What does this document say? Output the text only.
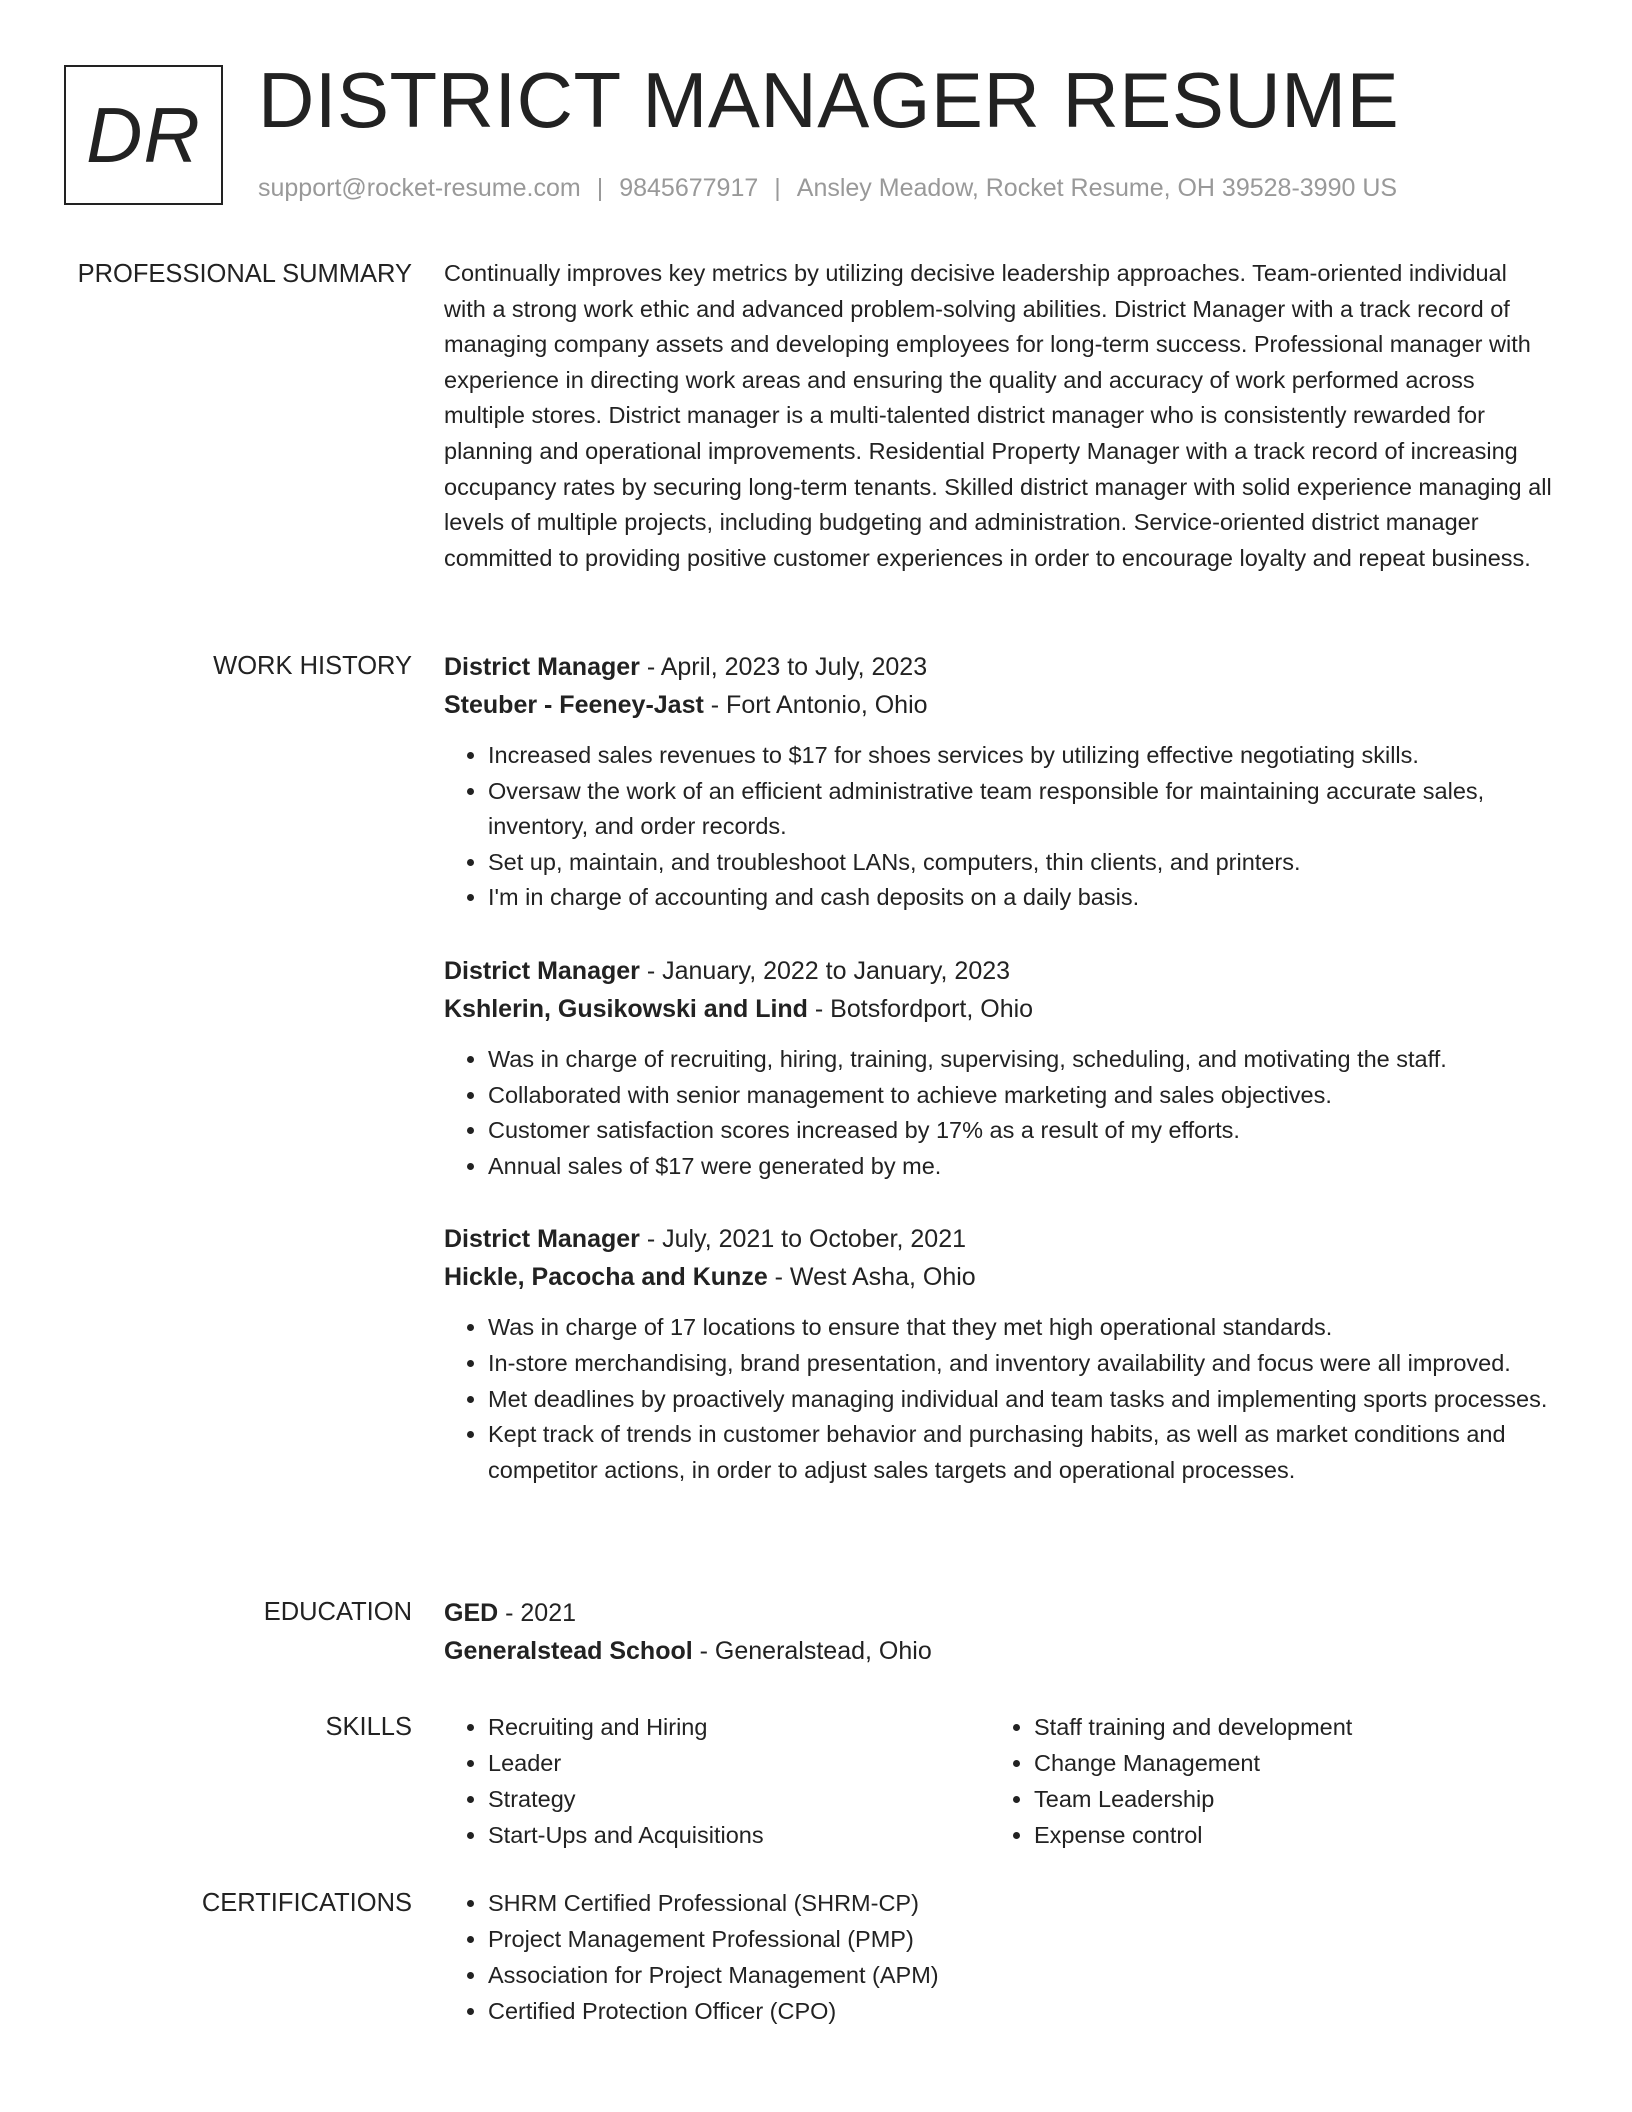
DR DISTRICT MANAGER RESUME
support@rocket-resume.com | 9845677917 | Ansley Meadow, Rocket Resume, OH 39528-3990 US
PROFESSIONAL SUMMARY Continually improves key metrics by utilizing decisive leadership approaches. Team-oriented individual with a strong work ethic and advanced problem-solving abilities. District Manager with a track record of managing company assets and developing employees for long-term success. Professional manager with experience in directing work areas and ensuring the quality and accuracy of work performed across multiple stores. District manager is a multi-talented district manager who is consistently rewarded for planning and operational improvements. Residential Property Manager with a track record of increasing occupancy rates by securing long-term tenants. Skilled district manager with solid experience managing all levels of multiple projects, including budgeting and administration. Service-oriented district manager committed to providing positive customer experiences in order to encourage loyalty and repeat business.

WORK HISTORY District Manager - April, 2023 to July, 2023

Steuber - Feeney-Jast - Fort Antonio, Ohio

• Increased sales revenues to $17 for shoes services by utilizing effective negotiating skills.
• Oversaw the work of an efficient administrative team responsible for maintaining accurate sales, inventory, and order records.
• Set up, maintain, and troubleshoot LANs, computers, thin clients, and printers.
• I'm in charge of accounting and cash deposits on a daily basis.

District Manager - January, 2022 to January, 2023

Kshlerin, Gusikowski and Lind - Botsfordport, Ohio

• Was in charge of recruiting, hiring, training, supervising, scheduling, and motivating the staff.
• Collaborated with senior management to achieve marketing and sales objectives.
• Customer satisfaction scores increased by 17% as a result of my efforts.
• Annual sales of $17 were generated by me.

District Manager - July, 2021 to October, 2021

Hickle, Pacocha and Kunze - West Asha, Ohio

• Was in charge of 17 locations to ensure that they met high operational standards.
• In-store merchandising, brand presentation, and inventory availability and focus were all improved.
• Met deadlines by proactively managing individual and team tasks and implementing sports processes.
• Kept track of trends in customer behavior and purchasing habits, as well as market conditions and competitor actions, in order to adjust sales targets and operational processes.
EDUCATION GED - 2021

Generalstead School - Generalstead, Ohio

SKILLS	• Recruiting and Hiring
• Leader
• Strategy
• Start-Ups and Acquisitions
• Staff training and development
• Change Management
• Team Leadership
• Expense control
CERTIFICATIONS	• SHRM Certified Professional (SHRM-CP)
• Project Management Professional (PMP)
• Association for Project Management (APM)
• Certified Protection Officer (CPO)
